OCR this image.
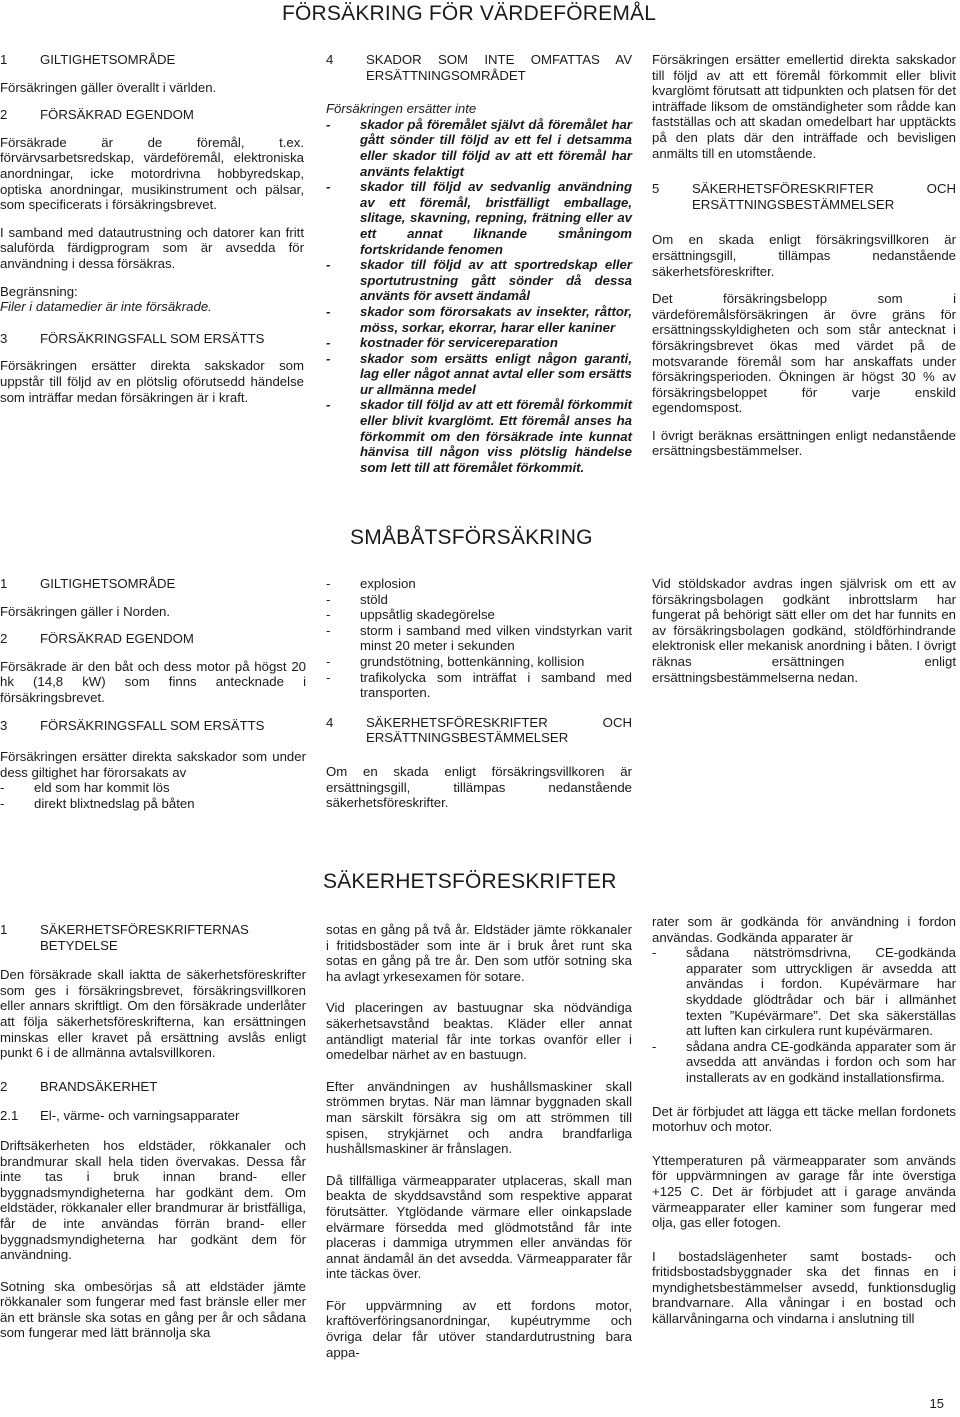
FÖRSÄKRING FÖR VÄRDEFÖREMÅL
1	GILTIGHETSOMRÅDE

Försäkringen gäller överallt i världen.

2	FÖRSÄKRAD EGENDOM

Försäkrade är de föremål, t.ex. förvärvsarbetsredskap, värdeföremål, elektroniska anordningar, icke motordrivna hobbyredskap, optiska anordningar, musikinstrument och pälsar, som specificerats i försäkringsbrevet.

I samband med datautrustning och datorer kan fritt saluförda färdigprogram som är avsedda för användning i dessa försäkras.

Begränsning:
Filer i datamedier är inte försäkrade.

3	FÖRSÄKRINGSFALL SOM ERSÄTTS

Försäkringen ersätter direkta sakskador som uppstår till följd av en plötslig oförutsedd händelse som inträffar medan försäkringen är i kraft.

4	SKADOR SOM INTE OMFATTAS AV ERSÄTTNINGSOMRÅDET
Försäkringen ersätter inte
-	skador på föremålet självt då föremålet har gått sönder till följd av ett fel i detsamma eller skador till följd av att ett föremål har använts felaktigt
-	skador till följd av sedvanlig användning av ett föremål, bristfälligt emballage, slitage, skavning, repning, frätning eller av ett annat liknande småningom fortskridande fenomen
-	skador till följd av att sportredskap eller sportutrustning gått sönder då dessa använts för avsett ändamål
-	skador som förorsakats av insekter, råttor, möss, sorkar, ekorrar, harar eller kaniner
-	kostnader för servicereparation
-	skador som ersätts enligt någon garanti, lag eller något annat avtal eller som ersätts ur allmänna medel
-	skador till följd av att ett föremål förkommit eller blivit kvarglömt. Ett föremål anses ha förkommit om den försäkrade inte kunnat hänvisa till någon viss plötslig händelse som lett till att föremålet förkommit.

Försäkringen ersätter emellertid direkta sakskador till följd av att ett föremål förkommit eller blivit kvarglömt förutsatt att tidpunkten och platsen för det inträffade liksom de omständigheter som råddе kan fastställas och att skadan omedelbart har upptäckts på den plats där den inträffade och bevisligen anmälts till en utomstående.

5	SÄKERHETSFÖRESKRIFTER OCH ERSÄTTNINGSBESTÄMMELSER

Om en skada enligt försäkringsvillkoren är ersättningsgill, tillämpas nedanstående säkerhetsföreskrifter.

Det försäkringsbelopp som i värdeföremålsförsäkringen är övre gräns för ersättningsskyldigheten och som står antecknat i försäkringsbrevet ökas med värdet på de motsvarande föremål som har anskaffats under försäkringsperioden. Ökningen är högst 30 % av försäkringsbeloppet för varje enskild egendomspost.

I övrigt beräknas ersättningen enligt nedanstående ersättningsbestämmelser.

SMÅBÅTSFÖRSÄKRING
1	GILTIGHETSOMRÅDE

Försäkringen gäller i Norden.

2	FÖRSÄKRAD EGENDOM

Försäkrade är den båt och dess motor på högst 20 hk (14,8 kW) som finns antecknade i försäkringsbrevet.

3	FÖRSÄKRINGSFALL SOM ERSÄTTS
Försäkringen ersätter direkta sakskador som under dess giltighet har förorsakats av
-	eld som har kommit lös
-	direkt blixtnedslag på båten
-	explosion
-	stöld
-	uppsåtlig skadegörelse
-	storm i samband med vilken vindstyrkan varit minst 20 meter i sekunden
-	grundstötning, bottenkänning, kollision
-	trafikolycka som inträffat i samband med transporten.
4	SÄKERHETSFÖRESKRIFTER OCH ERSÄTTNINGSBESTÄMMELSER

Om en skada enligt försäkringsvillkoren är ersättningsgill, tillämpas nedanstående säkerhetsföreskrifter.

Vid stöldskador avdras ingen självrisk om ett av försäkringsbolagen godkänt inbrottslarm har fungerat på behörigt sätt eller om det har funnits en av försäkringsbolagen godkänd, stöldförhindrande elektronisk eller mekanisk anordning i båten. I övrigt räknas ersättningen enligt ersättningsbestämmelserna nedan.

SÄKERHETSFÖRESKRIFTER
1	SÄKERHETSFÖRESKRIFTERNAS BETYDELSE

Den försäkrade skall iaktta de säkerhetsföreskrifter som ges i försäkringsbrevet, försäkringsvillkoren eller annars skriftligt. Om den försäkrade underlåter att följa säkerhetsföreskrifterna, kan ersättningen minskas eller kravet på ersättning avslås enligt punkt 6 i de allmänna avtalsvillkoren.

2	BRANDSÄKERHET
2.1	El-, värme- och varningsapparater

Driftsäkerheten hos eldstäder, rökkanaler och brandmurar skall hela tiden övervakas. Dessa får inte tas i bruk innan brand- eller byggnadsmyndigheterna har godkänt dem. Om eldstäder, rökkanaler eller brandmurar är bristfälliga, får de inte användas förrän brand- eller byggnadsmyndigheterna har godkänt dem för användning.

Sotning ska ombesörjas så att eldstäder jämte rökkanaler som fungerar med fast bränsle eller mer än ett bränsle ska sotas en gång per år och sådana som fungerar med lätt brännolja ska

sotas en gång på två år. Eldstäder jämte rökkanaler i fritidsbostäder som inte är i bruk året runt ska sotas en gång på tre år. Den som utför sotning ska ha avlagt yrkesexamen för sotare.

Vid placeringen av bastuugnar ska nödvändiga säkerhetsavstånd beaktas. Kläder eller annat antändligt material får inte torkas ovanför eller i omedelbar närhet av en bastuugn.

Efter användningen av hushållsmaskiner skall strömmen brytas. När man lämnar byggnaden skall man särskilt försäkra sig om att strömmen till spisen, strykjärnet och andra brandfarliga hushållsmaskiner är frånslagen.

Då tillfälliga värmeapparater utplaceras, skall man beakta de skyddsavstånd som respektive apparat förutsätter. Ytglödande värmare eller oinkapslade elvärmare försedda med glödmotstånd får inte placeras i dammiga utrymmen eller användas för annat ändamål än det avsedda. Värmeapparater får inte täckas över.

För uppvärmning av ett fordons motor, kraftöverföringsanordningar, kupéutrymme och övriga delar får utöver standardutrustning bara appa-

rater som är godkända för användning i fordon användas. Godkända apparater är
-	sådana nätströmsdrivna, CE-godkända apparater som uttryckligen är avsedda att användas i fordon. Kupévärmare har skyddade glödtrådar och bär i allmänhet texten ”Kupévärmare”. Det ska säkerställas att luften kan cirkulera runt kupévärmaren.
-	sådana andra CE-godkända apparater som är avsedda att användas i fordon och som har installerats av en godkänd installationsfirma.

Det är förbjudet att lägga ett täcke mellan fordonets motorhuv och motor.

Yttemperaturen på värmeapparater som används för uppvärmningen av garage får inte överstiga +125 C. Det är förbjudet att i garage använda värmeapparater eller kaminer som fungerar med olja, gas eller fotogen.

I bostadslägenheter samt bostads- och fritidsbostadsbyggnader ska det finnas en i myndighetsbestämmelser avsedd, funktionsduglig brandvarnare. Alla våningar i en bostad och källarvåningarna och vindarna i anslutning till

15
